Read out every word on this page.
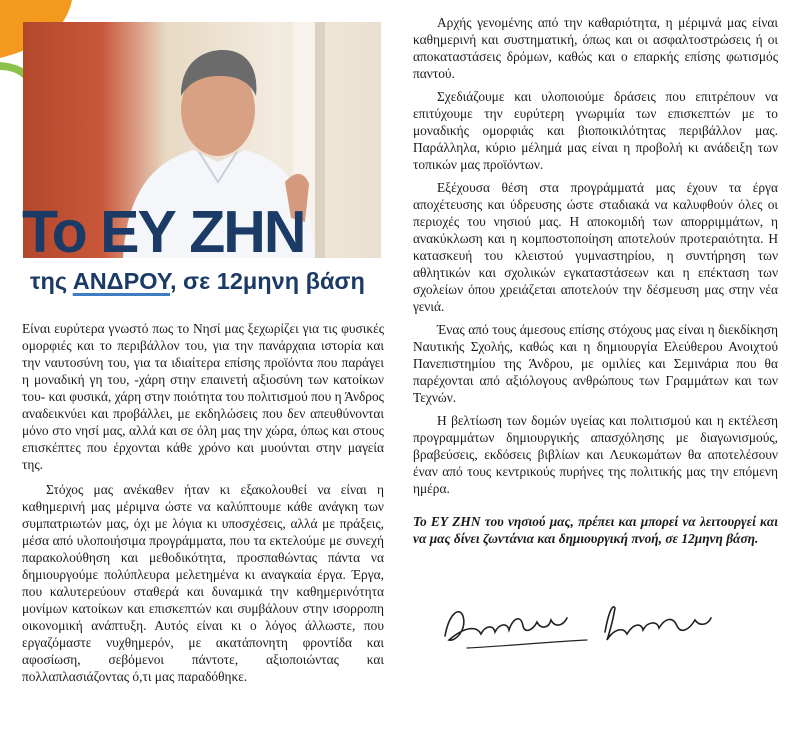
Το ΕΥ ΖΗΝ
της ΑΝΔΡΟΥ, σε 12μηνη βάση

Είναι ευρύτερα γνωστό πως το Νησί μας ξεχωρίζει για τις φυσικές ομορφιές και το περιβάλλον του, για την πανάρχαια ιστορία και την ναυτοσύνη του, για τα ιδιαίτερα επίσης προϊόντα που παράγει η μοναδική γη του, -χάρη στην επαινετή αξιοσύνη των κατοίκων του- και φυσικά, χάρη στην ποιότητα του πολιτισμού που η Άνδρος αναδεικνύει και προβάλλει, με εκδηλώσεις που δεν απευθύνονται μόνο στο νησί μας, αλλά και σε όλη μας την χώρα, όπως και στους επισκέπτες που έρχονται κάθε χρόνο και μυούνται στην μαγεία της.

Στόχος μας ανέκαθεν ήταν κι εξακολουθεί να είναι η καθημερινή μας μέριμνα ώστε να καλύπτουμε κάθε ανάγκη των συμπατριωτών μας, όχι με λόγια κι υποσχέσεις, αλλά με πράξεις, μέσα από υλοποιήσιμα προγράμματα, που τα εκτελούμε με συνεχή παρακολούθηση και μεθοδικότητα, προσπαθώντας πάντα να δημιουργούμε πολύπλευρα μελετημένα κι αναγκαία έργα. Έργα, που καλυτερεύουν σταθερά και δυναμικά την καθημερινότητα μονίμων κατοίκων και επισκεπτών και συμβάλουν στην ισορροπη οικονομική ανάπτυξη. Αυτός είναι κι ο λόγος άλλωστε, που εργαζόμαστε νυχθημερόν, με ακατάπονητη φροντίδα και αφοσίωση, σεβόμενοι πάντοτε, αξιοποιώντας και πολλαπλασιάζοντας ό,τι μας παραδόθηκε.

Αρχής γενομένης από την καθαριότητα, η μέριμνά μας είναι καθημερινή και συστηματική, όπως και οι ασφαλτοστρώσεις ή οι αποκαταστάσεις δρόμων, καθώς και ο επαρκής επίσης φωτισμός παντού.

Σχεδιάζουμε και υλοποιούμε δράσεις που επιτρέπουν να επιτύχουμε την ευρύτερη γνωριμία των επισκεπτών με το μοναδικής ομορφιάς και βιοποικιλότητας περιβάλλον μας. Παράλληλα, κύριο μέλημά μας είναι η προβολή κι ανάδειξη των τοπικών μας προϊόντων.

Εξέχουσα θέση στα προγράμματά μας έχουν τα έργα αποχέτευσης και ύδρευσης ώστε σταδιακά να καλυφθούν όλες οι περιοχές του νησιού μας. Η αποκομιδή των απορριμμάτων, η ανακύκλωση και η κομποστοποίηση αποτελούν προτεραιότητα. Η κατασκευή του κλειστού γυμναστηρίου, η συντήρηση των αθλητικών και σχολικών εγκαταστάσεων και η επέκταση των σχολείων όπου χρειάζεται αποτελούν την δέσμευση μας στην νέα γενιά.

Ένας από τους άμεσους επίσης στόχους μας είναι η διεκδίκηση Ναυτικής Σχολής, καθώς και η δημιουργία Ελεύθερου Ανοιχτού Πανεπιστημίου της Άνδρου, με ομιλίες και Σεμινάρια που θα παρέχονται από αξιόλογους ανθρώπους των Γραμμάτων και των Τεχνών.

Η βελτίωση των δομών υγείας και πολιτισμού και η εκτέλεση προγραμμάτων δημιουργικής απασχόλησης με διαγωνισμούς, βραβεύσεις, εκδόσεις βιβλίων και Λευκωμάτων θα αποτελέσουν έναν από τους κεντρικούς πυρήνες της πολιτικής μας την επόμενη ημέρα.

Το ΕΥ ΖΗΝ του νησιού μας, πρέπει και μπορεί να λειτουργεί και να μας δίνει ζωντάνια και δημιουργική πνοή, σε 12μηνη βάση.
